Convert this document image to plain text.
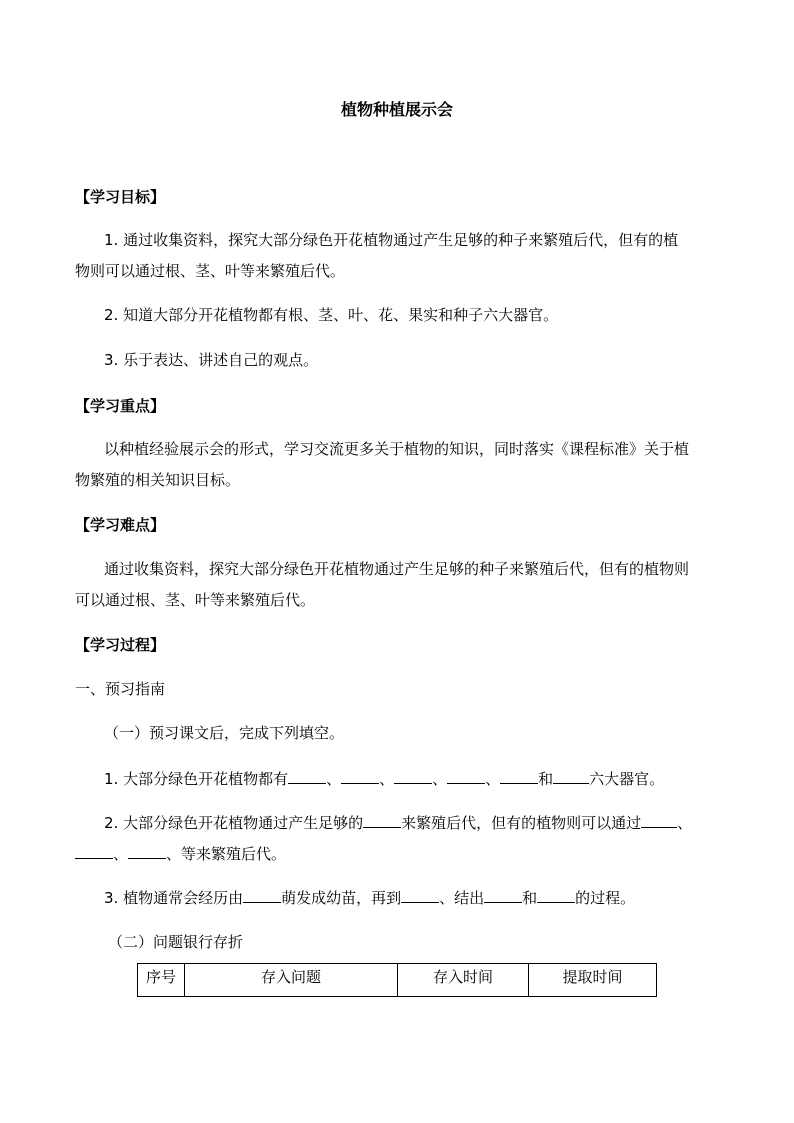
植物种植展示会
【学习目标】
1. 通过收集资料，探究大部分绿色开花植物通过产生足够的种子来繁殖后代，但有的植
物则可以通过根、茎、叶等来繁殖后代。
2. 知道大部分开花植物都有根、茎、叶、花、果实和种子六大器官。
3. 乐于表达、讲述自己的观点。
【学习重点】
以种植经验展示会的形式，学习交流更多关于植物的知识，同时落实《课程标准》关于植
物繁殖的相关知识目标。
【学习难点】
通过收集资料，探究大部分绿色开花植物通过产生足够的种子来繁殖后代，但有的植物则
可以通过根、茎、叶等来繁殖后代。
【学习过程】
一、预习指南
（一）预习课文后，完成下列填空。
1. 大部分绿色开花植物都有	、	、	、	、	和 六大器官。
2. 大部分绿色开花植物通过产生足够的	来繁殖后代，但有的植物则可以通过 、
、	、等来繁殖后代。
3. 植物通常会经历由	萌发成幼苗，再到	、结出	和	的过程。
（二）问题银行存折
序号	存入问题	存入时间	提取时间
